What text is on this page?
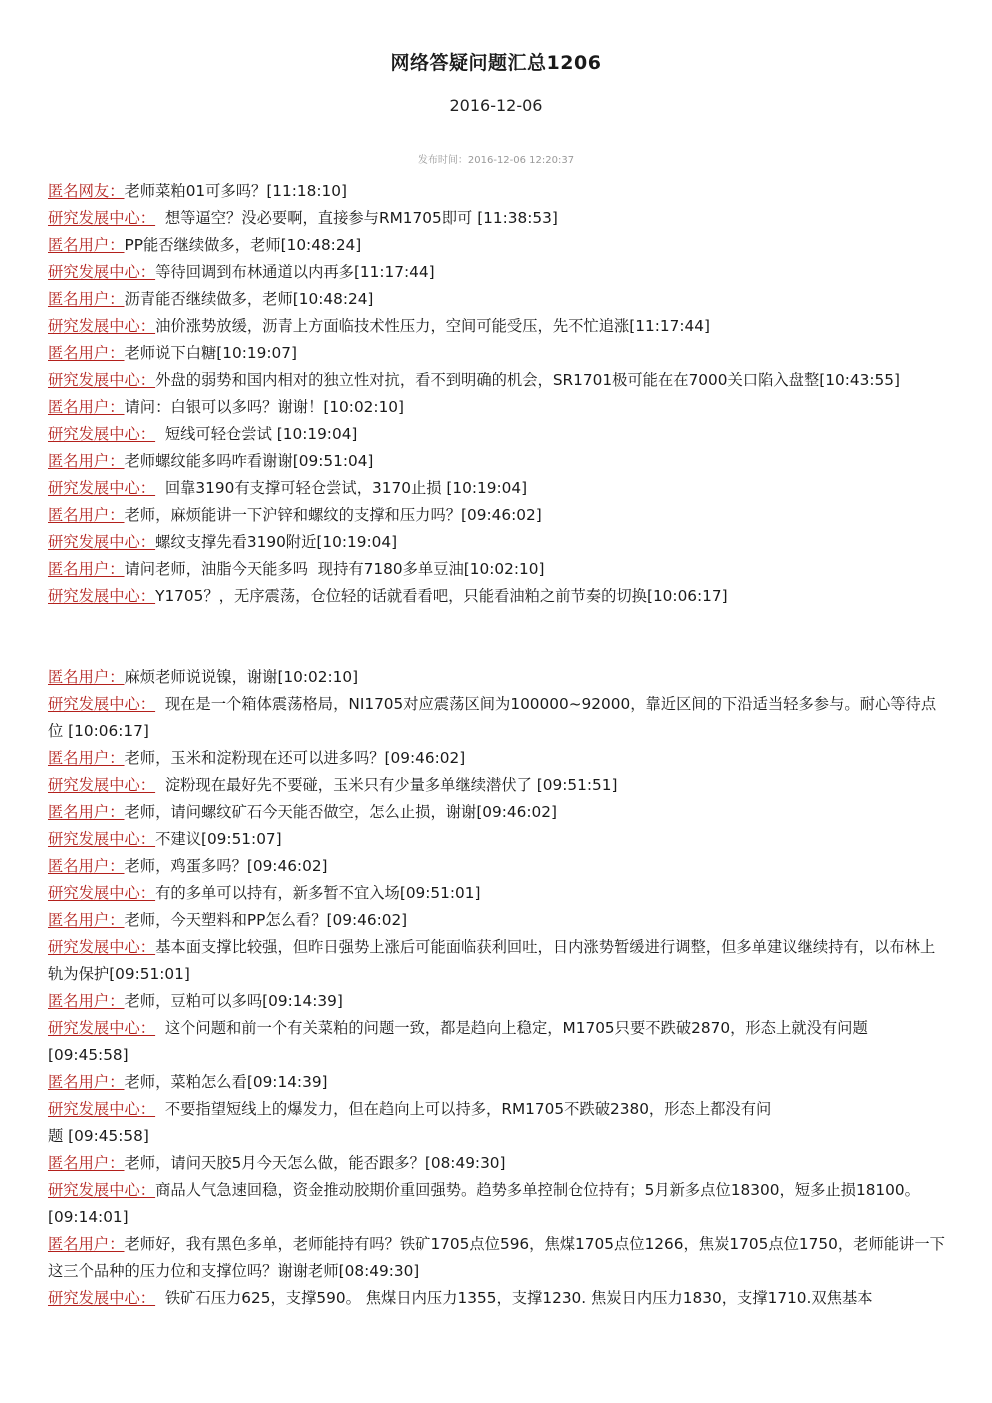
网络答疑问题汇总1206
2016-12-06
发布时间：2016-12-06 12:20:37
匿名网友：老师菜粕01可多吗？[11:18:10]
研究发展中心：  想等逼空？没必要啊，直接参与RM1705即可 [11:38:53]
匿名用户：PP能否继续做多，老师[10:48:24]
研究发展中心：等待回调到布林通道以内再多[11:17:44]
匿名用户：沥青能否继续做多，老师[10:48:24]
研究发展中心：油价涨势放缓，沥青上方面临技术性压力，空间可能受压，先不忙追涨[11:17:44]
匿名用户：老师说下白糖[10:19:07]
研究发展中心：外盘的弱势和国内相对的独立性对抗，看不到明确的机会，SR1701极可能在在7000关口陷入盘整[10:43:55]
匿名用户：请问：白银可以多吗？谢谢！[10:02:10]
研究发展中心：  短线可轻仓尝试 [10:19:04]
匿名用户：老师螺纹能多吗咋看谢谢[09:51:04]
研究发展中心：  回靠3190有支撑可轻仓尝试，3170止损 [10:19:04]
匿名用户：老师，麻烦能讲一下沪锌和螺纹的支撑和压力吗？[09:46:02]
研究发展中心：螺纹支撑先看3190附近[10:19:04]
匿名用户：请问老师，油脂今天能多吗  现持有7180多单豆油[10:02:10]
研究发展中心：Y1705？，无序震荡，仓位轻的话就看看吧，只能看油粕之前节奏的切换[10:06:17]
匿名用户：麻烦老师说说镍，谢谢[10:02:10]
研究发展中心：  现在是一个箱体震荡格局，NI1705对应震荡区间为100000~92000，靠近区间的下沿适当轻多参与。耐心等待点位 [10:06:17]
匿名用户：老师，玉米和淀粉现在还可以进多吗？[09:46:02]
研究发展中心：  淀粉现在最好先不要碰，玉米只有少量多单继续潜伏了 [09:51:51]
匿名用户：老师，请问螺纹矿石今天能否做空，怎么止损，谢谢[09:46:02]
研究发展中心：不建议[09:51:07]
匿名用户：老师，鸡蛋多吗？[09:46:02]
研究发展中心：有的多单可以持有，新多暂不宜入场[09:51:01]
匿名用户：老师，今天塑料和PP怎么看？[09:46:02]
研究发展中心：基本面支撑比较强，但昨日强势上涨后可能面临获利回吐，日内涨势暂缓进行调整，但多单建议继续持有，以布林上轨为保护[09:51:01]
匿名用户：老师，豆粕可以多吗[09:14:39]
研究发展中心：  这个问题和前一个有关菜粕的问题一致，都是趋向上稳定，M1705只要不跌破2870，形态上就没有问题 [09:45:58]
匿名用户：老师，菜粕怎么看[09:14:39]
研究发展中心：  不要指望短线上的爆发力，但在趋向上可以持多，RM1705不跌破2380，形态上都没有问
题 [09:45:58]
匿名用户：老师，请问天胶5月今天怎么做，能否跟多？[08:49:30]
研究发展中心：商品人气急速回稳，资金推动胶期价重回强势。趋势多单控制仓位持有；5月新多点位18300，短多止损18100。[09:14:01]
匿名用户：老师好，我有黑色多单，老师能持有吗？铁矿1705点位596，焦煤1705点位1266，焦炭1705点位1750，老师能讲一下这三个品种的压力位和支撑位吗？谢谢老师[08:49:30]
研究发展中心：  铁矿石压力625，支撑590。 焦煤日内压力1355，支撑1230. 焦炭日内压力1830，支撑1710.双焦基本
